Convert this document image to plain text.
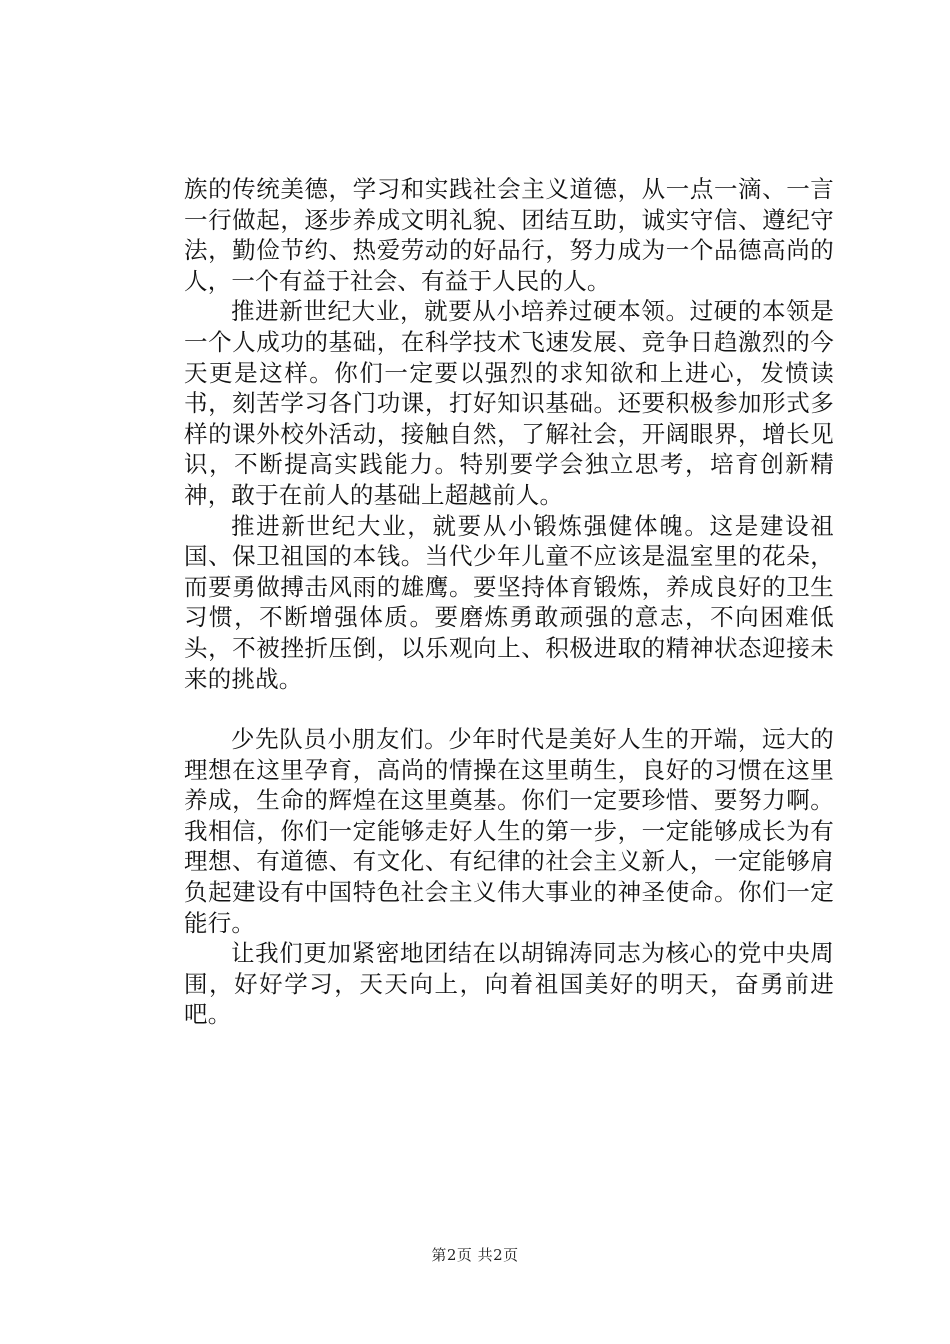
族的传统美德，学习和实践社会主义道德，从一点一滴、一言一行做起，逐步养成文明礼貌、团结互助，诚实守信、遵纪守法，勤俭节约、热爱劳动的好品行，努力成为一个品德高尚的人，一个有益于社会、有益于人民的人。

推进新世纪大业，就要从小培养过硬本领。过硬的本领是一个人成功的基础，在科学技术飞速发展、竞争日趋激烈的今天更是这样。你们一定要以强烈的求知欲和上进心，发愤读书，刻苦学习各门功课，打好知识基础。还要积极参加形式多样的课外校外活动，接触自然，了解社会，开阔眼界，增长见识，不断提高实践能力。特别要学会独立思考，培育创新精神，敢于在前人的基础上超越前人。

推进新世纪大业，就要从小锻炼强健体魄。这是建设祖国、保卫祖国的本钱。当代少年儿童不应该是温室里的花朵，而要勇做搏击风雨的雄鹰。要坚持体育锻炼，养成良好的卫生习惯，不断增强体质。要磨炼勇敢顽强的意志，不向困难低头，不被挫折压倒，以乐观向上、积极进取的精神状态迎接未来的挑战。

少先队员小朋友们。少年时代是美好人生的开端，远大的理想在这里孕育，高尚的情操在这里萌生，良好的习惯在这里养成，生命的辉煌在这里奠基。你们一定要珍惜、要努力啊。我相信，你们一定能够走好人生的第一步，一定能够成长为有理想、有道德、有文化、有纪律的社会主义新人，一定能够肩负起建设有中国特色社会主义伟大事业的神圣使命。你们一定能行。

让我们更加紧密地团结在以胡锦涛同志为核心的党中央周围，好好学习，天天向上，向着祖国美好的明天，奋勇前进吧。

第2页 共2页
